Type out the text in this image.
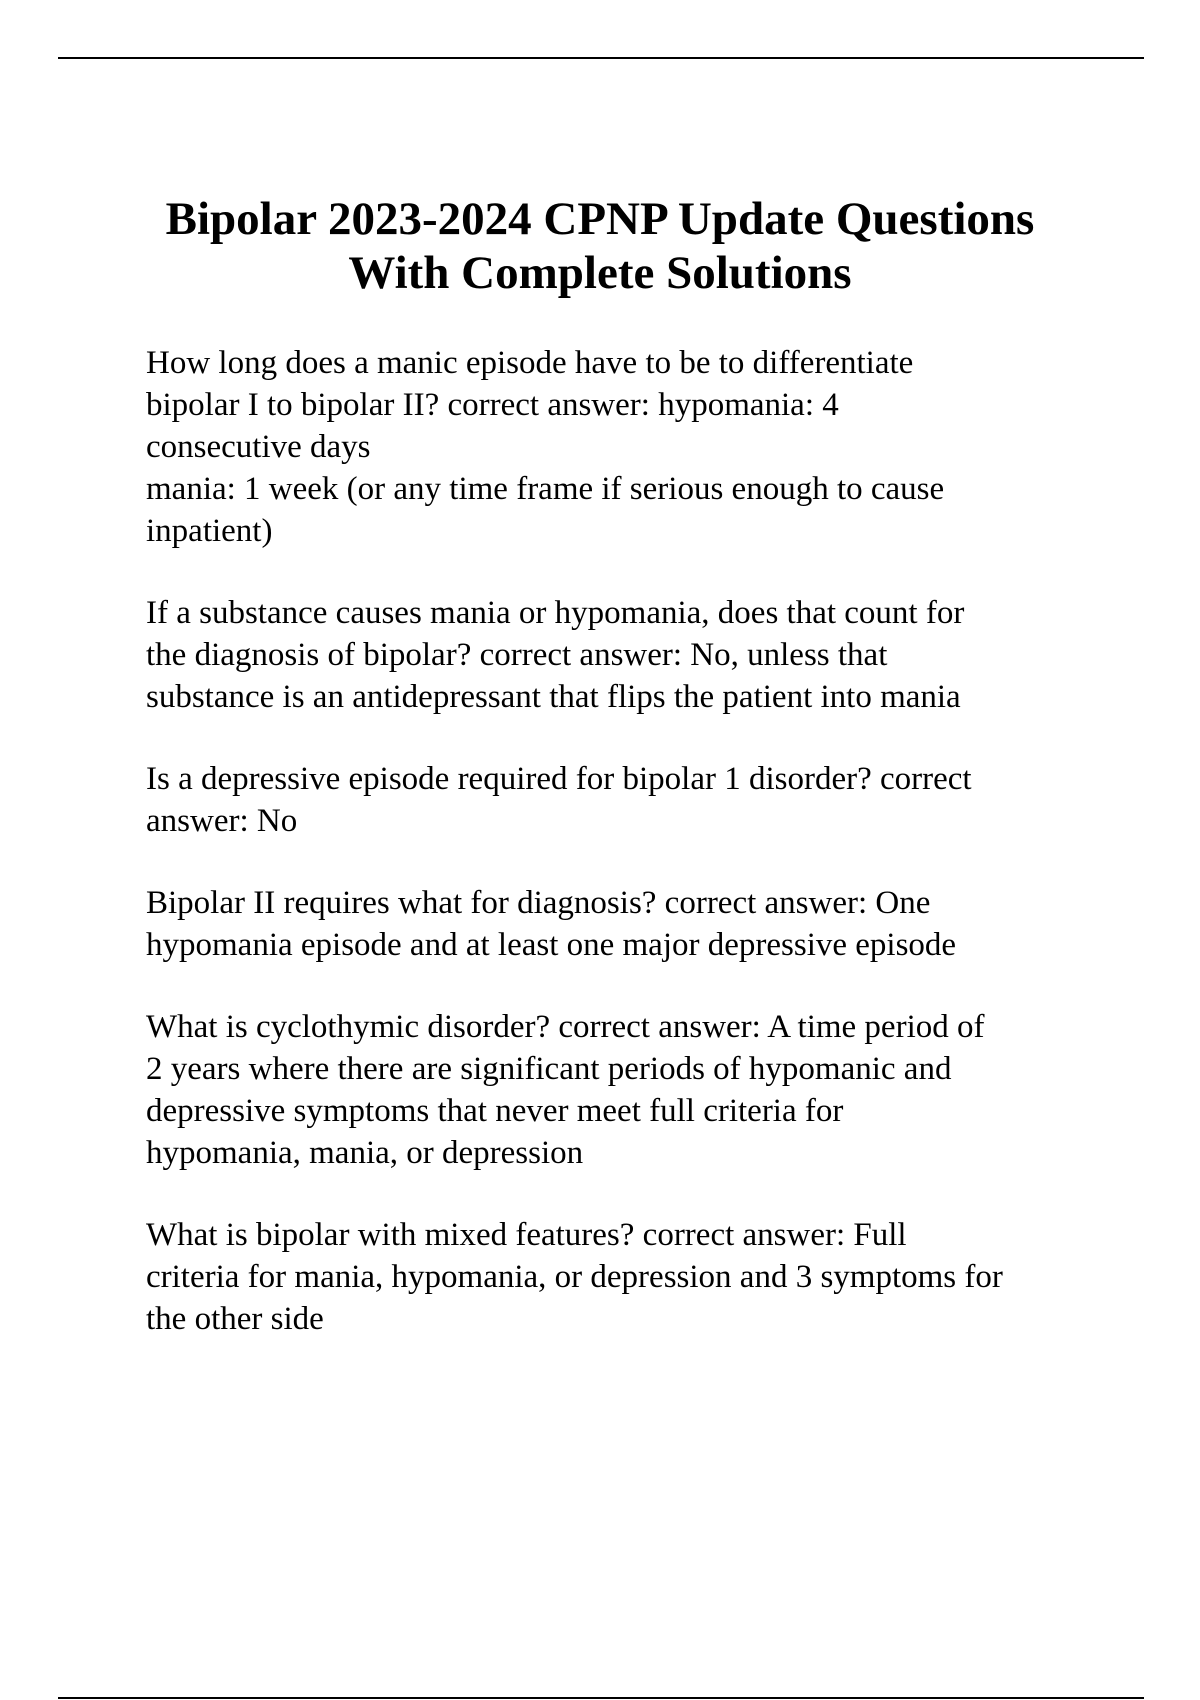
Bipolar 2023-2024 CPNP Update Questions
With Complete Solutions

How long does a manic episode have to be to differentiate
bipolar I to bipolar II? correct answer: hypomania: 4
consecutive days
mania: 1 week (or any time frame if serious enough to cause
inpatient)

If a substance causes mania or hypomania, does that count for
the diagnosis of bipolar? correct answer: No, unless that
substance is an antidepressant that flips the patient into mania

Is a depressive episode required for bipolar 1 disorder? correct
answer: No

Bipolar II requires what for diagnosis? correct answer: One
hypomania episode and at least one major depressive episode

What is cyclothymic disorder? correct answer: A time period of
2 years where there are significant periods of hypomanic and
depressive symptoms that never meet full criteria for
hypomania, mania, or depression

What is bipolar with mixed features? correct answer: Full
criteria for mania, hypomania, or depression and 3 symptoms for
the other side
